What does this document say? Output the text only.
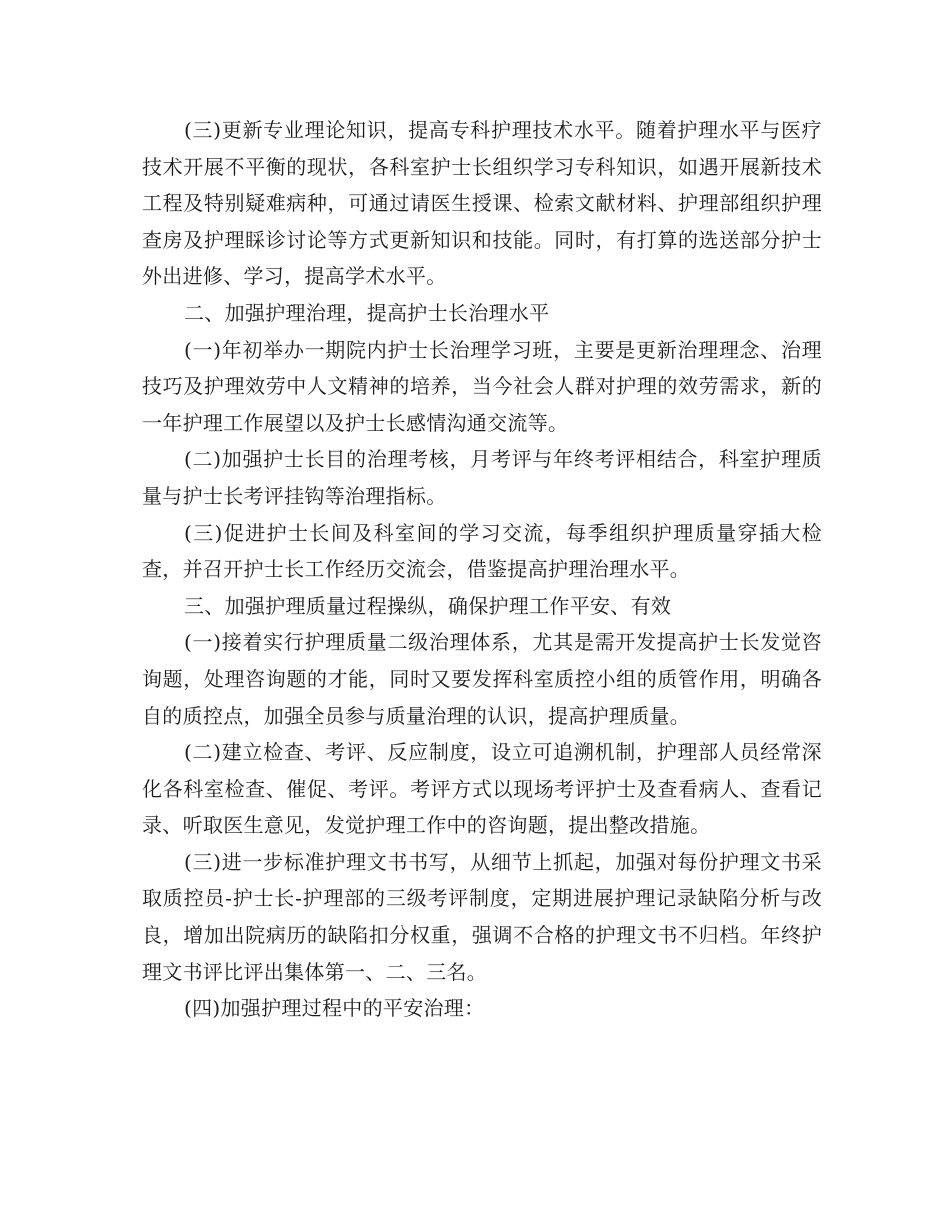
(三)更新专业理论知识，提高专科护理技术水平。随着护理水平与医疗技术开展不平衡的现状，各科室护士长组织学习专科知识，如遇开展新技术工程及特别疑难病种，可通过请医生授课、检索文献材料、护理部组织护理查房及护理睬诊讨论等方式更新知识和技能。同时，有打算的选送部分护士外出进修、学习，提高学术水平。

二、加强护理治理，提高护士长治理水平

(一)年初举办一期院内护士长治理学习班，主要是更新治理理念、治理技巧及护理效劳中人文精神的培养，当今社会人群对护理的效劳需求，新的一年护理工作展望以及护士长感情沟通交流等。

(二)加强护士长目的治理考核，月考评与年终考评相结合，科室护理质量与护士长考评挂钩等治理指标。

(三)促进护士长间及科室间的学习交流，每季组织护理质量穿插大检查，并召开护士长工作经历交流会，借鉴提高护理治理水平。

三、加强护理质量过程操纵，确保护理工作平安、有效

(一)接着实行护理质量二级治理体系，尤其是需开发提高护士长发觉咨询题，处理咨询题的才能，同时又要发挥科室质控小组的质管作用，明确各自的质控点，加强全员参与质量治理的认识，提高护理质量。

(二)建立检查、考评、反应制度，设立可追溯机制，护理部人员经常深化各科室检查、催促、考评。考评方式以现场考评护士及查看病人、查看记录、听取医生意见，发觉护理工作中的咨询题，提出整改措施。

(三)进一步标准护理文书书写，从细节上抓起，加强对每份护理文书采取质控员-护士长-护理部的三级考评制度，定期进展护理记录缺陷分析与改良，增加出院病历的缺陷扣分权重，强调不合格的护理文书不归档。年终护理文书评比评出集体第一、二、三名。

(四)加强护理过程中的平安治理：
